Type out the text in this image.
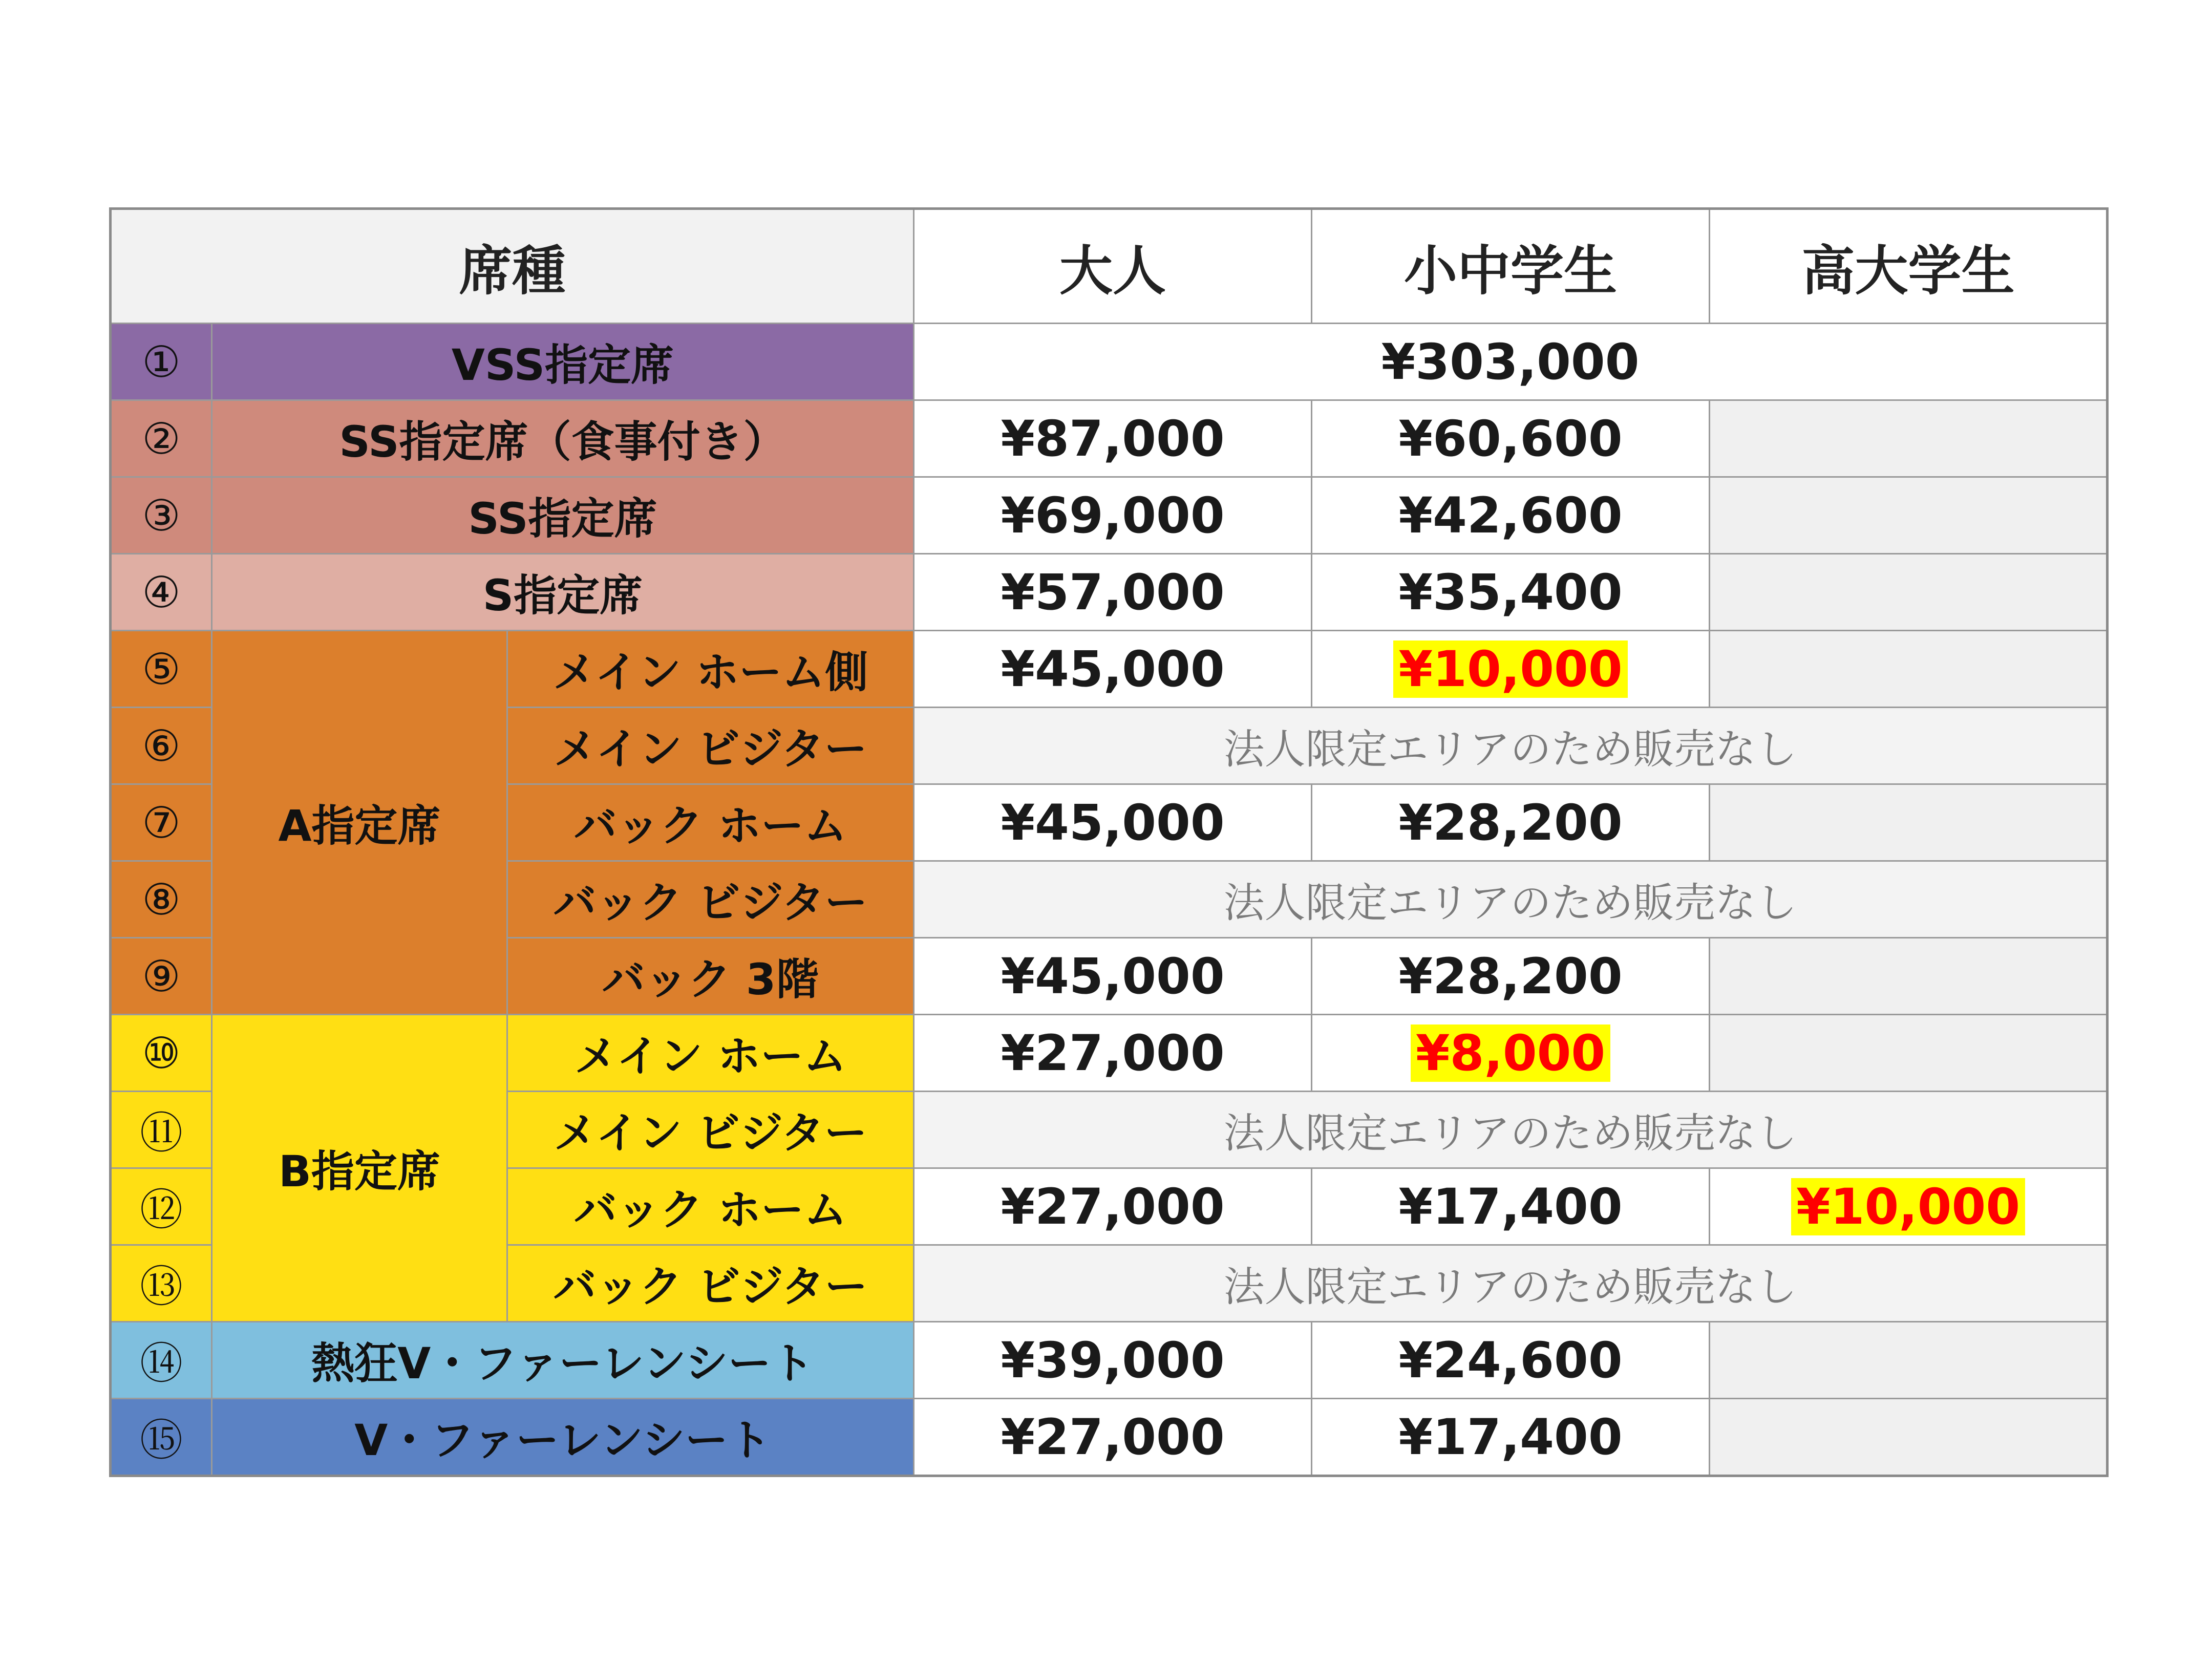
席種			大人	小中学生	高大学生
①	VSS指定席		¥303,000		
②	SS指定席（食事付き）		¥87,000	¥60,600	
③	SS指定席		¥69,000	¥42,600	
④	S指定席		¥57,000	¥35,400	
⑤	A指定席	メイン ホーム側	¥45,000	¥10,000	
⑥		メイン ビジター	法人限定エリアのため販売なし		
⑦		バック ホーム	¥45,000	¥28,200	
⑧		バック ビジター	法人限定エリアのため販売なし		
⑨		バック 3階	¥45,000	¥28,200	
⑩	B指定席	メイン ホーム	¥27,000	¥8,000	
⑪		メイン ビジター	法人限定エリアのため販売なし		
⑫		バック ホーム	¥27,000	¥17,400	¥10,000
⑬		バック ビジター	法人限定エリアのため販売なし		
⑭	熱狂V・ファーレンシート		¥39,000	¥24,600	
⑮	V・ファーレンシート		¥27,000	¥17,400	
